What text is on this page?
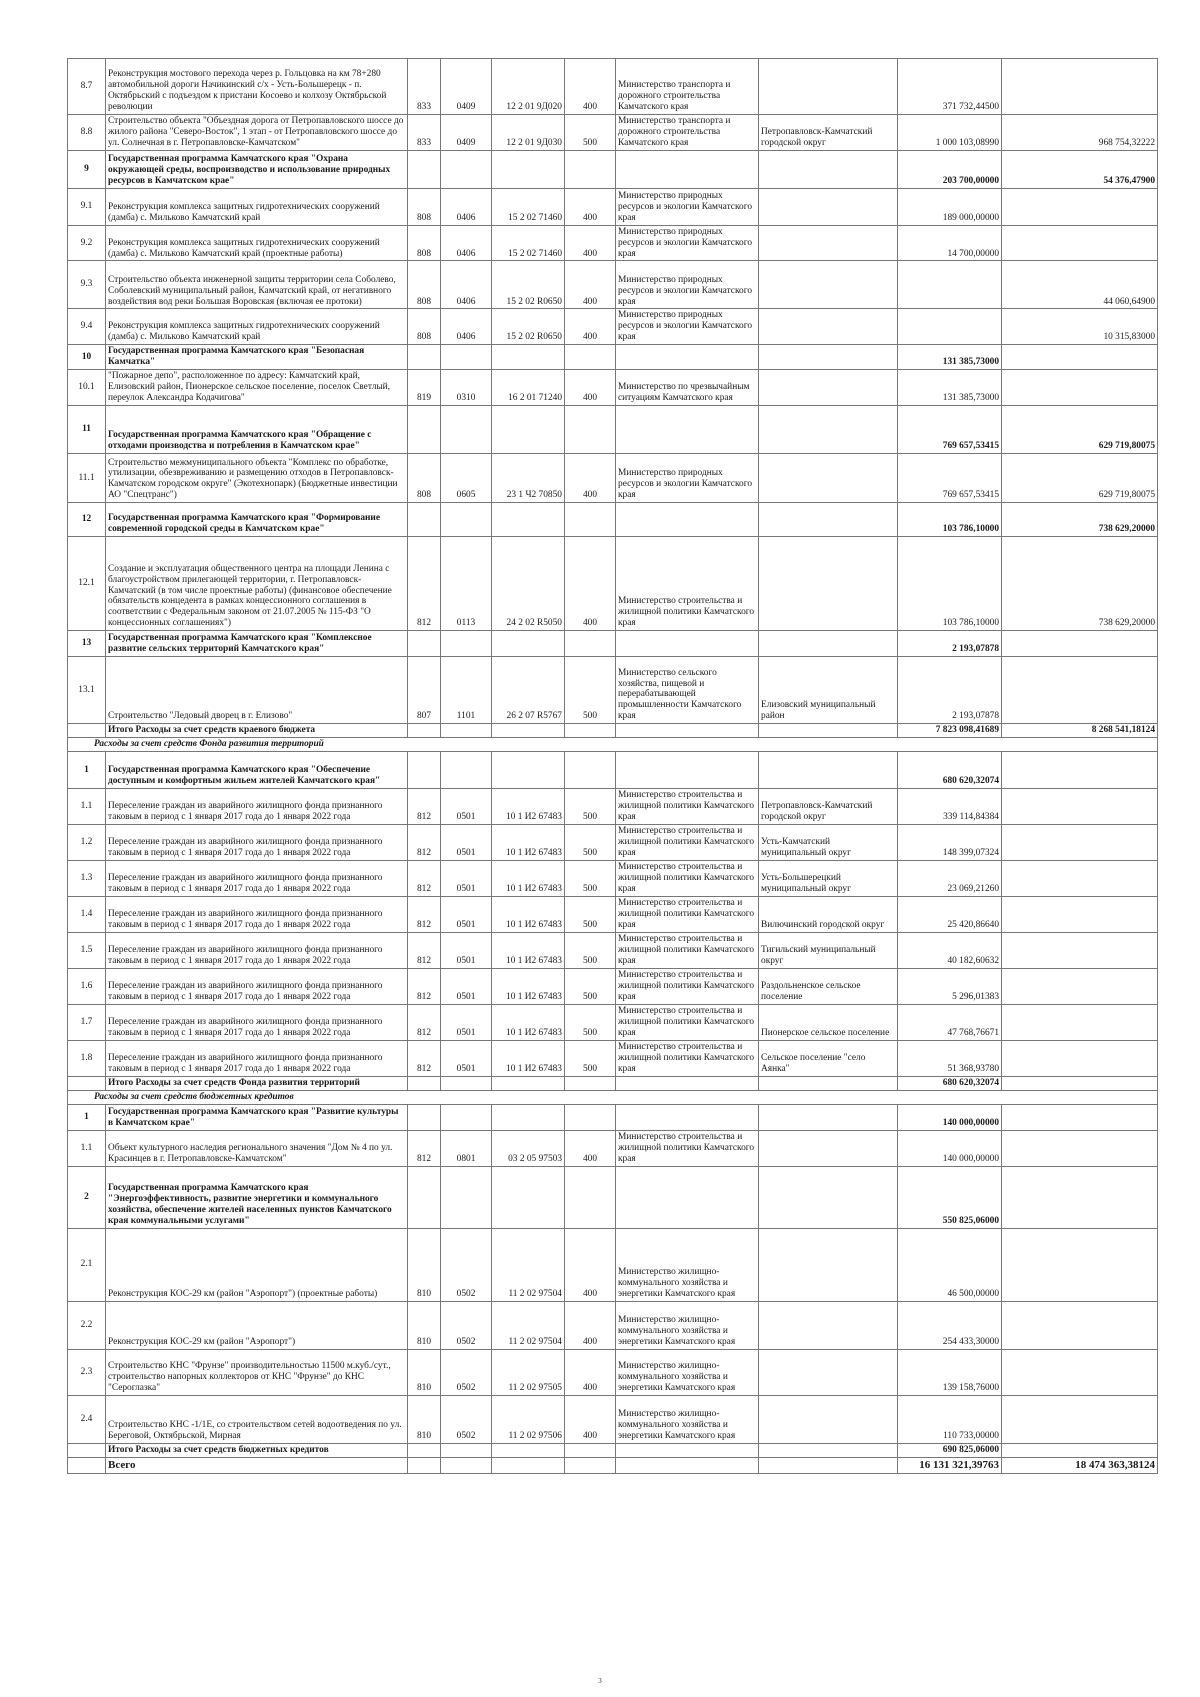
8.7	Реконструкция мостового перехода через р. Гольцовка на км 78+280 автомобильной дороги Начикинский с/х - Усть-Большерецк - п. Октябрьский с подъездом к пристани Косоево и колхозу Октябрьской революции	833	0409	12 2 01 9Д020	400	Министерство транспорта и дорожного строительства Камчатского края		371 732,44500	
8.8	Строительство объекта "Объездная дорога от Петропавловского шоссе до жилого района "Северо-Восток", 1 этап - от Петропавловского шоссе до ул. Солнечная в г. Петропавловске-Камчатском"	833	0409	12 2 01 9Д030	500	Министерство транспорта и дорожного строительства Камчатского края	Петропавловск-Камчатский городской округ	1 000 103,08990	968 754,32222
9	Государственная программа Камчатского края "Охрана окружающей среды, воспроизводство и использование природных ресурсов в Камчатском крае"							203 700,00000	54 376,47900
9.1	Реконструкция комплекса защитных гидротехнических сооружений (дамба) с. Мильково Камчатский край	808	0406	15 2 02 71460	400	Министерство природных ресурсов и экологии Камчатского края		189 000,00000	
9.2	Реконструкция комплекса защитных гидротехнических сооружений (дамба) с. Мильково Камчатский край (проектные работы)	808	0406	15 2 02 71460	400	Министерство природных ресурсов и экологии Камчатского края		14 700,00000	
9.3	Строительство объекта инженерной защиты территории села Соболево, Соболевский муниципальный район, Камчатский край, от негативного воздействия вод реки Большая Воровская (включая ее протоки)	808	0406	15 2 02 R0650	400	Министерство природных ресурсов и экологии Камчатского края			44 060,64900
9.4	Реконструкция комплекса защитных гидротехнических сооружений (дамба) с. Мильково Камчатский край	808	0406	15 2 02 R0650	400	Министерство природных ресурсов и экологии Камчатского края			10 315,83000
10	Государственная программа Камчатского края "Безопасная Камчатка"							131 385,73000	
10.1	"Пожарное депо", расположенное по адресу: Камчатский край, Елизовский район, Пионерское сельское поселение, поселок Светлый, переулок Александра Кодачигова"	819	0310	16 2 01 71240	400	Министерство по чрезвычайным ситуациям Камчатского края		131 385,73000	
11	Государственная программа Камчатского края "Обращение с отходами производства и потребления в Камчатском крае"							769 657,53415	629 719,80075
11.1	Строительство межмуниципального объекта "Комплекс по обработке, утилизации, обезвреживанию и размещению отходов в Петропавловск-Камчатском городском округе" (Экотехнопарк) (Бюджетные инвестиции АО "Спецтранс")	808	0605	23 1 Ч2 70850	400	Министерство природных ресурсов и экологии Камчатского края		769 657,53415	629 719,80075
12	Государственная программа Камчатского края "Формирование современной городской среды в Камчатском крае"							103 786,10000	738 629,20000
12.1	Создание и эксплуатация общественного центра на площади Ленина с благоустройством прилегающей территории, г. Петропавловск-Камчатский (в том числе проектные работы) (финансовое обеспечение обязательств концедента в рамках концессионного соглашения в соответствии с Федеральным законом от 21.07.2005 № 115-ФЗ "О концессионных соглашениях")	812	0113	24 2 02 R5050	400	Министерство строительства и жилищной политики Камчатского края		103 786,10000	738 629,20000
13	Государственная программа Камчатского края "Комплексное развитие сельских территорий Камчатского края"							2 193,07878	
13.1	Строительство "Ледовый дворец в г. Елизово"	807	1101	26 2 07 R5767	500	Министерство сельского хозяйства, пищевой и перерабатывающей промышленности Камчатского края	Елизовский муниципальный район	2 193,07878	
	Итого Расходы за счет средств краевого бюджета							7 823 098,41689	8 268 541,18124
Расходы за счет средств Фонда развития территорий									
1	Государственная программа Камчатского края "Обеспечение доступным и комфортным жильем жителей Камчатского края"							680 620,32074	
1.1	Переселение граждан из аварийного жилищного фонда признанного таковым в период с 1 января 2017 года до 1 января 2022 года	812	0501	10 1 И2 67483	500	Министерство строительства и жилищной политики Камчатского края	Петропавловск-Камчатский городской округ	339 114,84384	
1.2	Переселение граждан из аварийного жилищного фонда признанного таковым в период с 1 января 2017 года до 1 января 2022 года	812	0501	10 1 И2 67483	500	Министерство строительства и жилищной политики Камчатского края	Усть-Камчатский муниципальный округ	148 399,07324	
1.3	Переселение граждан из аварийного жилищного фонда признанного таковым в период с 1 января 2017 года до 1 января 2022 года	812	0501	10 1 И2 67483	500	Министерство строительства и жилищной политики Камчатского края	Усть-Большерецкий муниципальный округ	23 069,21260	
1.4	Переселение граждан из аварийного жилищного фонда признанного таковым в период с 1 января 2017 года до 1 января 2022 года	812	0501	10 1 И2 67483	500	Министерство строительства и жилищной политики Камчатского края	Вилючинский городской округ	25 420,86640	
1.5	Переселение граждан из аварийного жилищного фонда признанного таковым в период с 1 января 2017 года до 1 января 2022 года	812	0501	10 1 И2 67483	500	Министерство строительства и жилищной политики Камчатского края	Тигильский муниципальный округ	40 182,60632	
1.6	Переселение граждан из аварийного жилищного фонда признанного таковым в период с 1 января 2017 года до 1 января 2022 года	812	0501	10 1 И2 67483	500	Министерство строительства и жилищной политики Камчатского края	Раздольненское сельское поселение	5 296,01383	
1.7	Переселение граждан из аварийного жилищного фонда признанного таковым в период с 1 января 2017 года до 1 января 2022 года	812	0501	10 1 И2 67483	500	Министерство строительства и жилищной политики Камчатского края	Пионерское сельское поселение	47 768,76671	
1.8	Переселение граждан из аварийного жилищного фонда признанного таковым в период с 1 января 2017 года до 1 января 2022 года	812	0501	10 1 И2 67483	500	Министерство строительства и жилищной политики Камчатского края	Сельское поселение "село Аянка"	51 368,93780	
	Итого Расходы за счет средств Фонда развития территорий							680 620,32074	
Расходы за счет средств бюджетных кредитов									
1	Государственная программа Камчатского края "Развитие культуры в Камчатском крае"							140 000,00000	
1.1	Объект культурного наследия регионального значения "Дом № 4 по ул. Красинцев в г. Петропавловске-Камчатском"	812	0801	03 2 05 97503	400	Министерство строительства и жилищной политики Камчатского края		140 000,00000	
2	Государственная программа Камчатского края "Энергоэффективность, развитие энергетики и коммунального хозяйства, обеспечение жителей населенных пунктов Камчатского края коммунальными услугами"							550 825,06000	
2.1	Реконструкция КОС-29 км (район "Аэропорт") (проектные работы)	810	0502	11 2 02 97504	400	Министерство жилищно-коммунального хозяйства и энергетики Камчатского края		46 500,00000	
2.2	Реконструкция КОС-29 км (район "Аэропорт")	810	0502	11 2 02 97504	400	Министерство жилищно-коммунального хозяйства и энергетики Камчатского края		254 433,30000	
2.3	Строительство КНС "Фрунзе" производительностью 11500 м.куб./сут., строительство напорных коллекторов от КНС "Фрунзе" до КНС "Сероглазка"	810	0502	11 2 02 97505	400	Министерство жилищно-коммунального хозяйства и энергетики Камчатского края		139 158,76000	
2.4	Строительство КНС -1/1Е, со строительством сетей водоотведения по ул. Береговой, Октябрьской, Мирная	810	0502	11 2 02 97506	400	Министерство жилищно-коммунального хозяйства и энергетики Камчатского края		110 733,00000	
	Итого Расходы за счет средств бюджетных кредитов							690 825,06000	
	Всего							16 131 321,39763	18 474 363,38124
3
